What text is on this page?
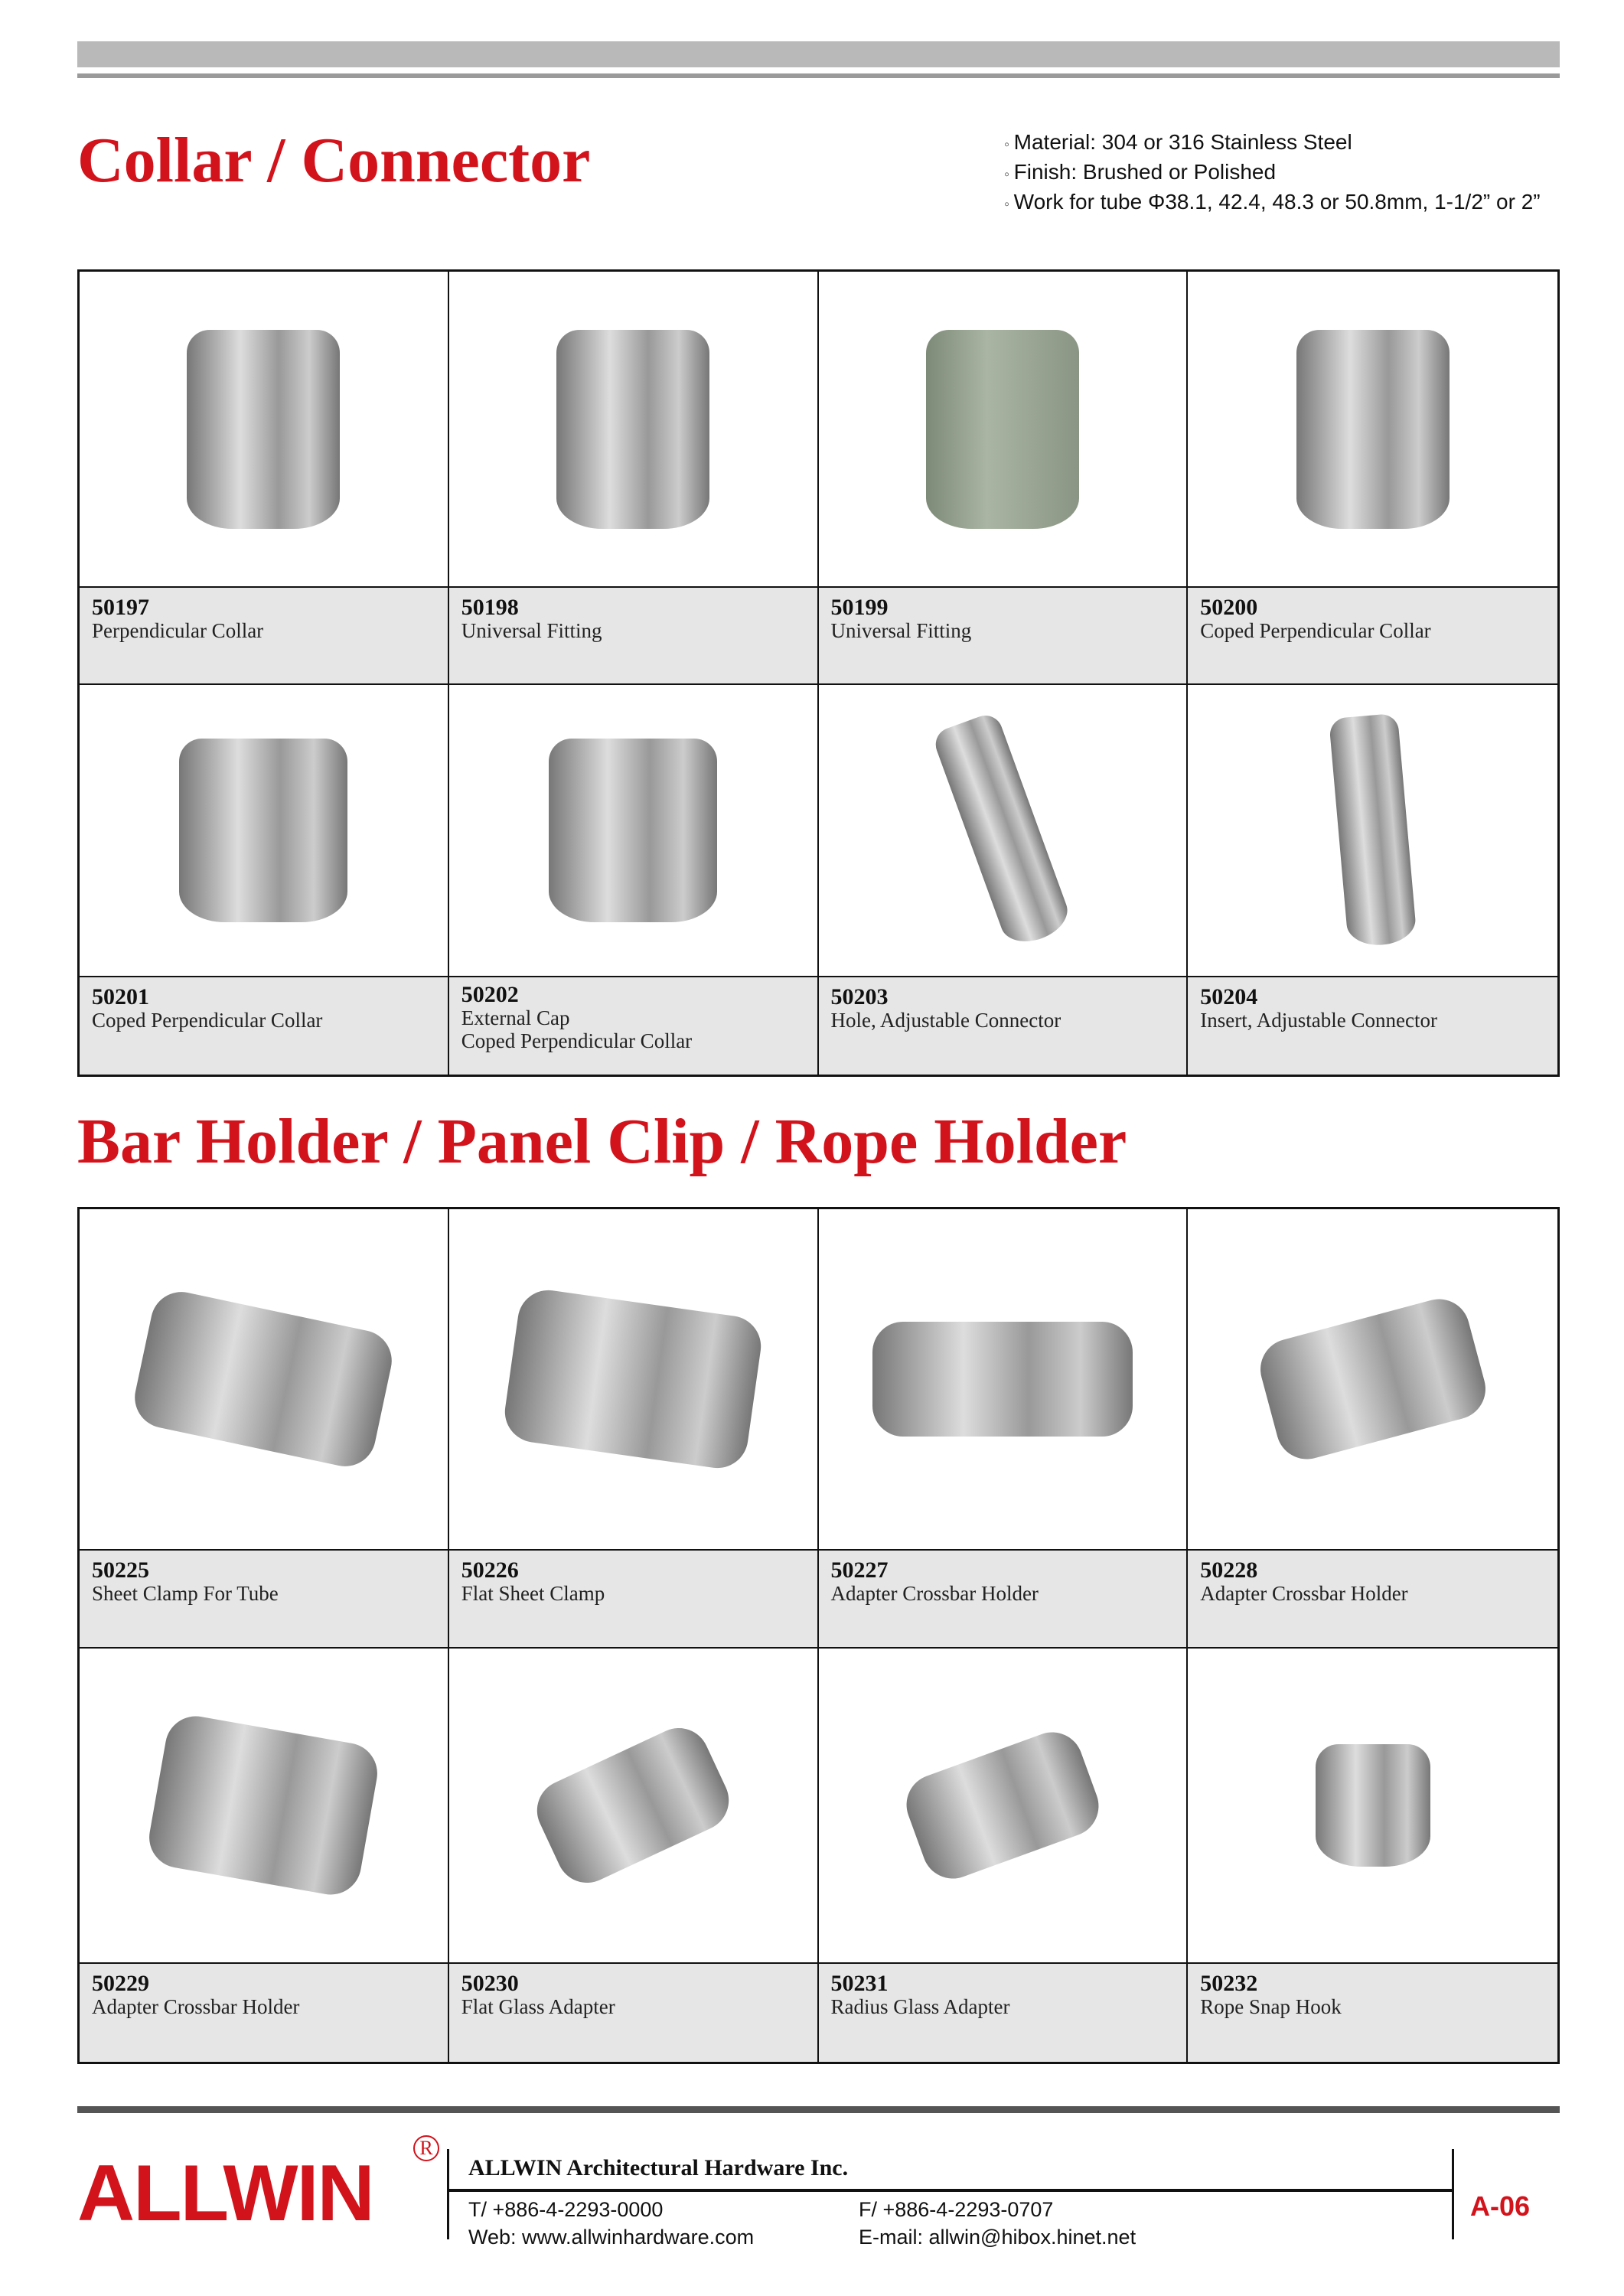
Collar / Connector	◦ Material: 304 or 316 Stainless Steel
◦ Finish: Brushed or Polished
◦ Work for tube Φ38.1, 42.4, 48.3 or 50.8mm, 1-1/2” or 2”
50197
Perpendicular Collar
50198
Universal Fitting
50199
Universal Fitting
50200
Coped Perpendicular Collar
50201
Coped Perpendicular Collar
50202
External Cap
Coped Perpendicular Collar
50203
Hole, Adjustable Connector
50204
Insert, Adjustable Connector
Bar Holder / Panel Clip / Rope Holder
50225
Sheet Clamp For Tube
50226
Flat Sheet Clamp
50227
Adapter Crossbar Holder
50228
Adapter Crossbar Holder
50229
Adapter Crossbar Holder
50230
Flat Glass Adapter
50231
Radius Glass Adapter
50232
Rope Snap Hook
ALLWIN
R
ALLWIN Architectural Hardware Inc.
T/ +886-4-2293-0000	F/ +886-4-2293-0707
Web: www.allwinhardware.com	E-mail: allwin@hibox.hinet.net
A-06
